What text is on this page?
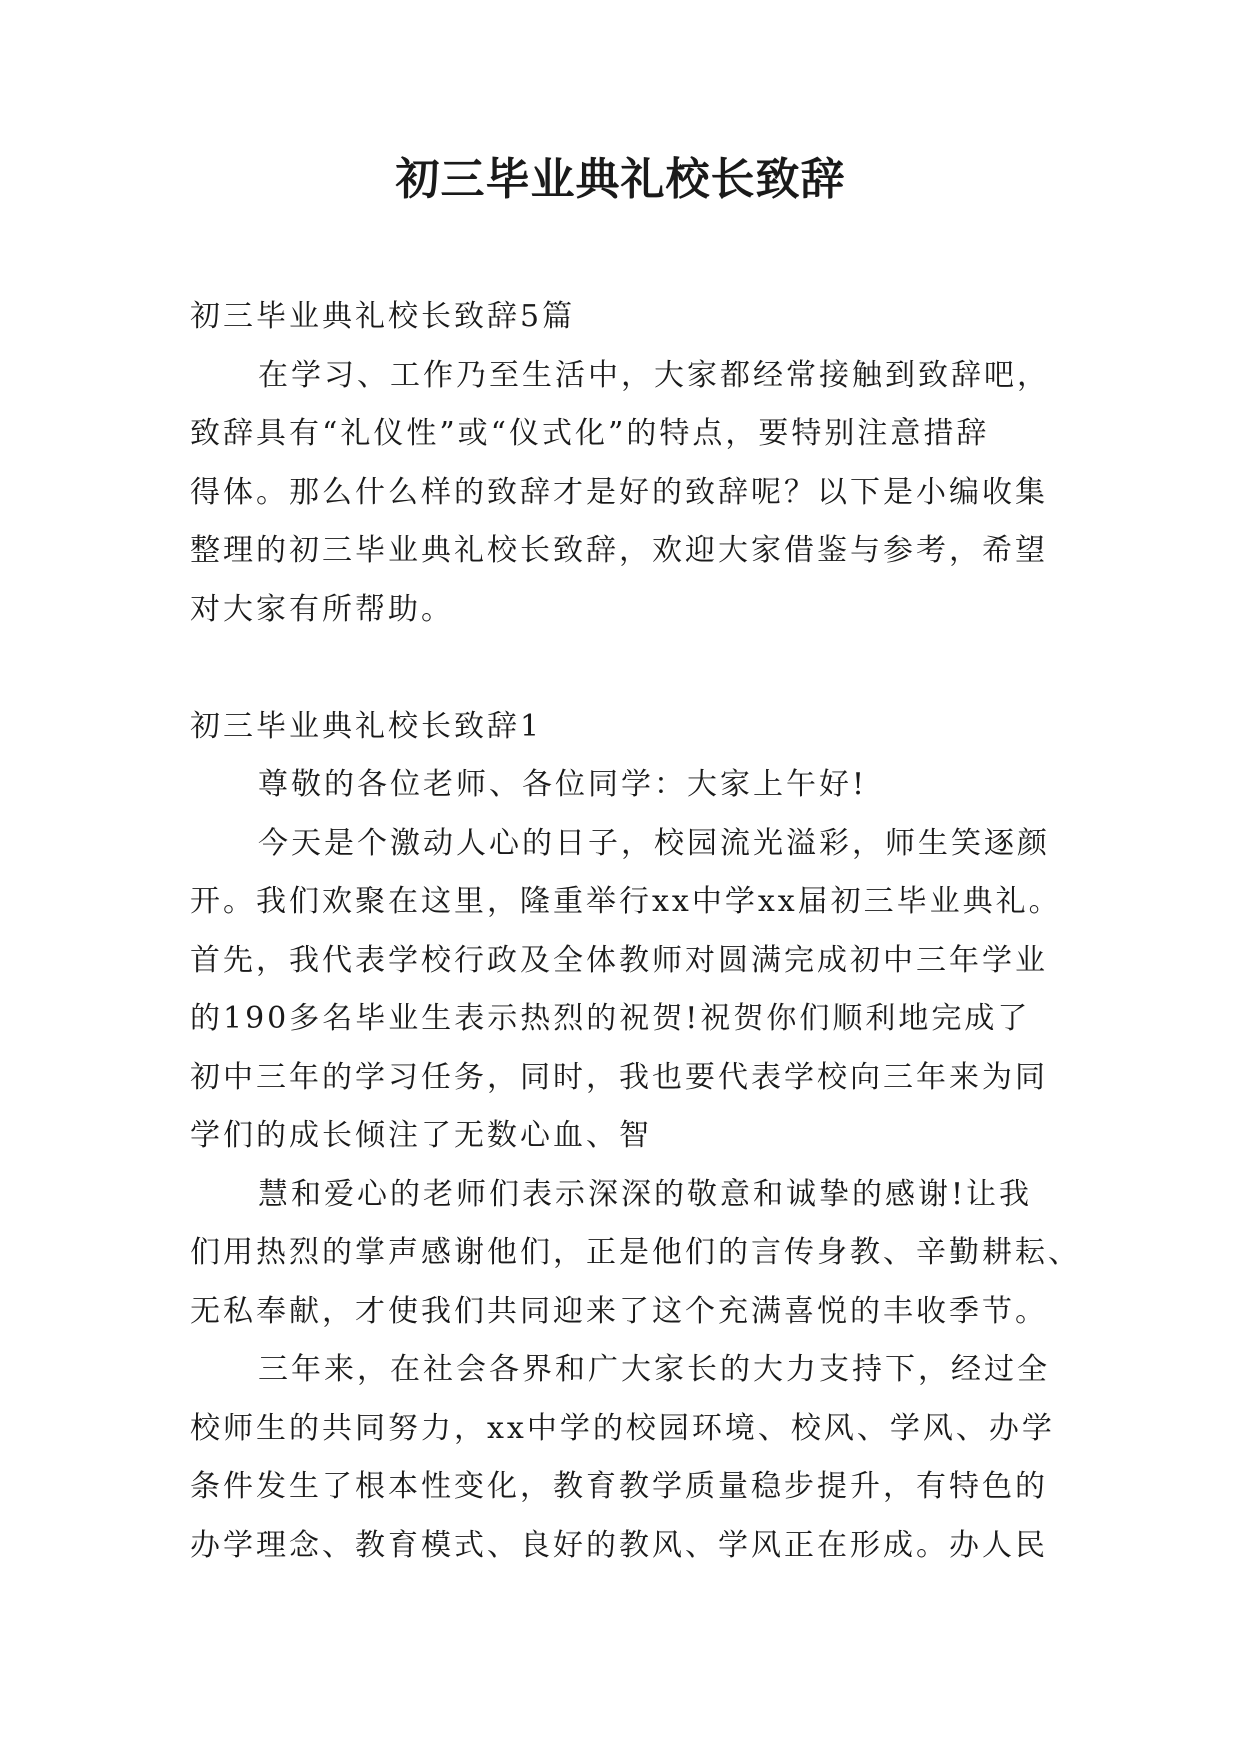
初三毕业典礼校长致辞
初三毕业典礼校长致辞5篇
在学习、工作乃至生活中，大家都经常接触到致辞吧，
致辞具有“礼仪性”或“仪式化”的特点，要特别注意措辞
得体。那么什么样的致辞才是好的致辞呢？以下是小编收集
整理的初三毕业典礼校长致辞，欢迎大家借鉴与参考，希望
对大家有所帮助。
初三毕业典礼校长致辞1
尊敬的各位老师、各位同学：大家上午好!
今天是个激动人心的日子，校园流光溢彩，师生笑逐颜
开。我们欢聚在这里，隆重举行xx中学xx届初三毕业典礼。
首先，我代表学校行政及全体教师对圆满完成初中三年学业
的190多名毕业生表示热烈的祝贺!祝贺你们顺利地完成了
初中三年的学习任务，同时，我也要代表学校向三年来为同
学们的成长倾注了无数心血、智
慧和爱心的老师们表示深深的敬意和诚挚的感谢!让我
们用热烈的掌声感谢他们，正是他们的言传身教、辛勤耕耘、
无私奉献，才使我们共同迎来了这个充满喜悦的丰收季节。
三年来，在社会各界和广大家长的大力支持下，经过全
校师生的共同努力，xx中学的校园环境、校风、学风、办学
条件发生了根本性变化，教育教学质量稳步提升，有特色的
办学理念、教育模式、良好的教风、学风正在形成。办人民
